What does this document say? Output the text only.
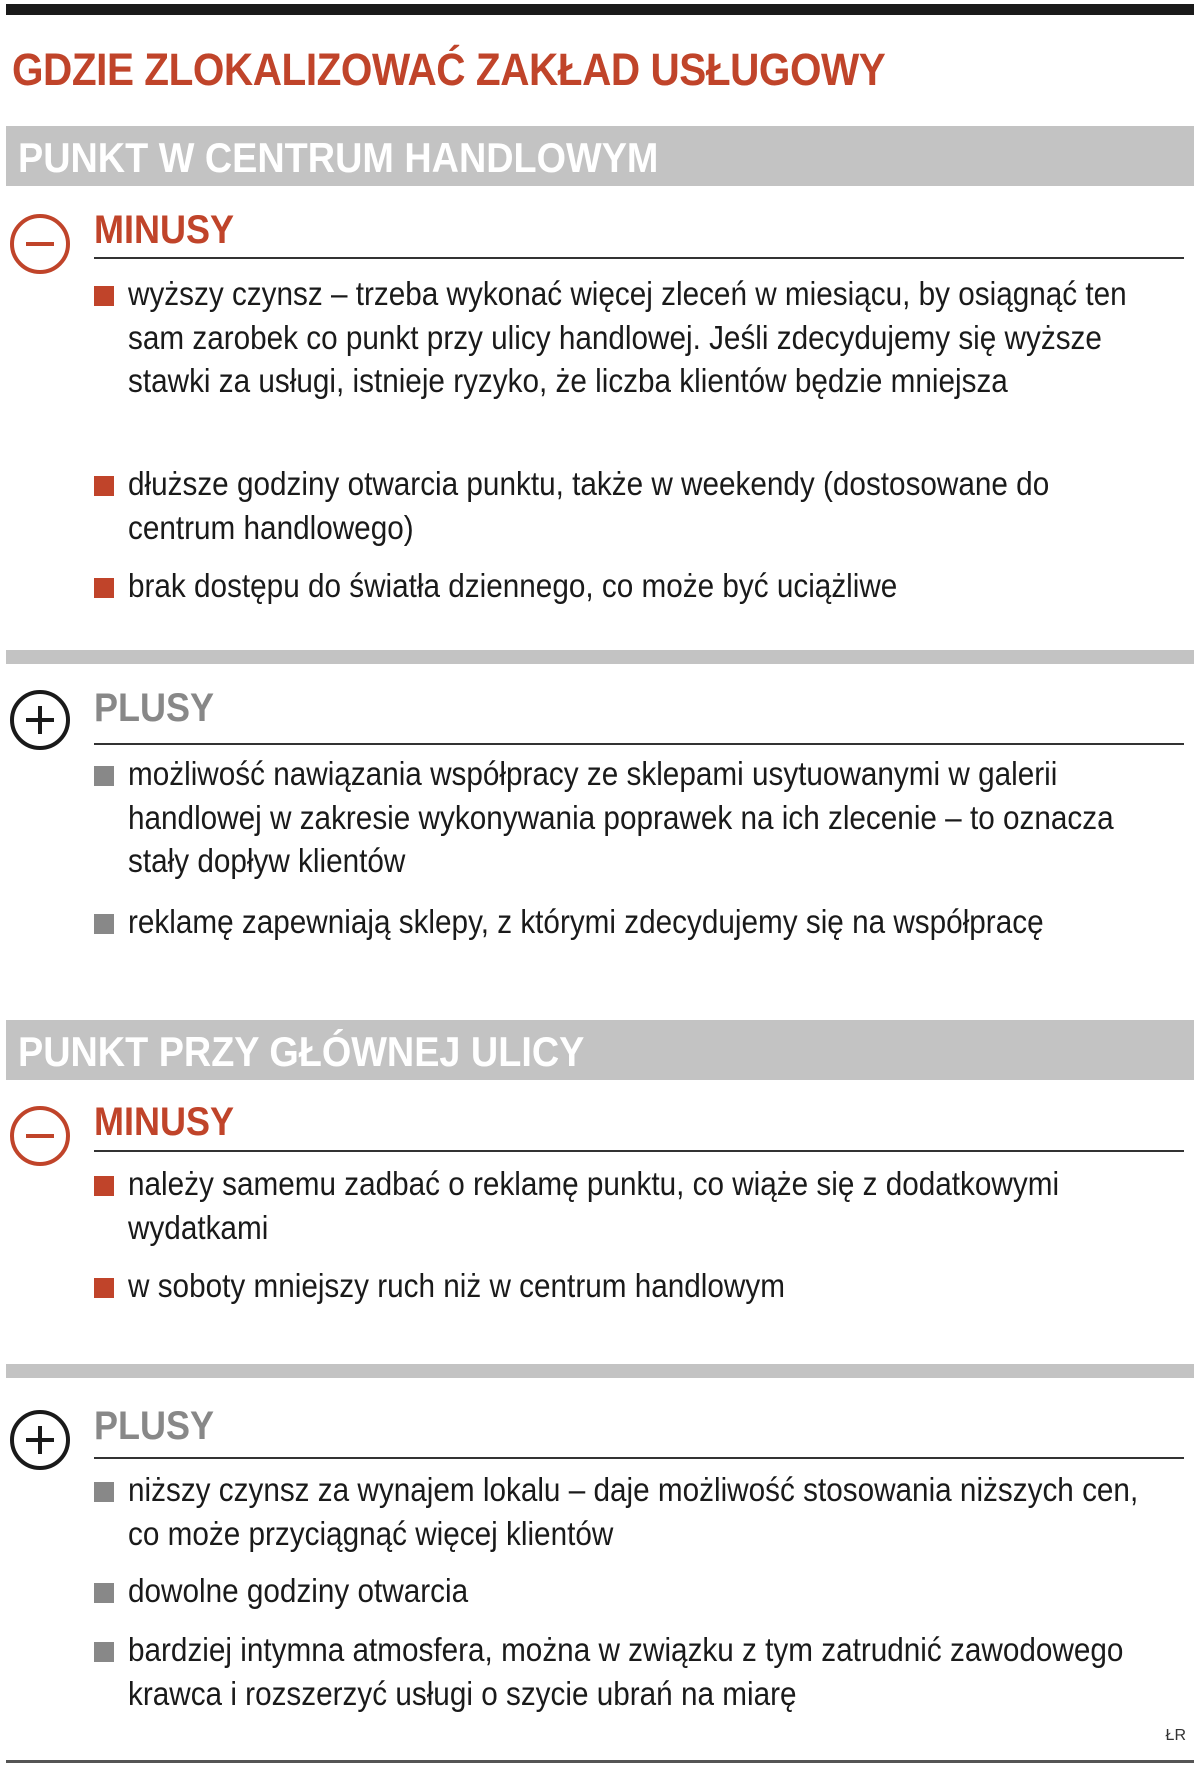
GDZIE ZLOKALIZOWAĆ ZAKŁAD USŁUGOWY
PUNKT W CENTRUM HANDLOWYM
MINUSY
wyższy czynsz – trzeba wykonać więcej zleceń w miesiącu, by osiągnąć ten sam zarobek co punkt przy ulicy handlowej. Jeśli zdecydujemy się wyższe stawki za usługi, istnieje ryzyko, że liczba klientów będzie mniejsza
dłuższe godziny otwarcia punktu, także w weekendy (dostosowane do centrum handlowego)
brak dostępu do światła dziennego, co może być uciążliwe
PLUSY
możliwość nawiązania współpracy ze sklepami usytuowanymi w galerii handlowej w zakresie wykonywania poprawek na ich zlecenie – to oznacza stały dopływ klientów
reklamę zapewniają sklepy, z którymi zdecydujemy się na współpracę
PUNKT PRZY GŁÓWNEJ ULICY
MINUSY
należy samemu zadbać o reklamę punktu, co wiąże się z dodatkowymi wydatkami
w soboty mniejszy ruch niż w centrum handlowym
PLUSY
niższy czynsz za wynajem lokalu – daje możliwość stosowania niższych cen, co może przyciągnąć więcej klientów
dowolne godziny otwarcia
bardziej intymna atmosfera, można w związku z tym zatrudnić zawodowego krawca i rozszerzyć usługi o szycie ubrań na miarę
ŁR
